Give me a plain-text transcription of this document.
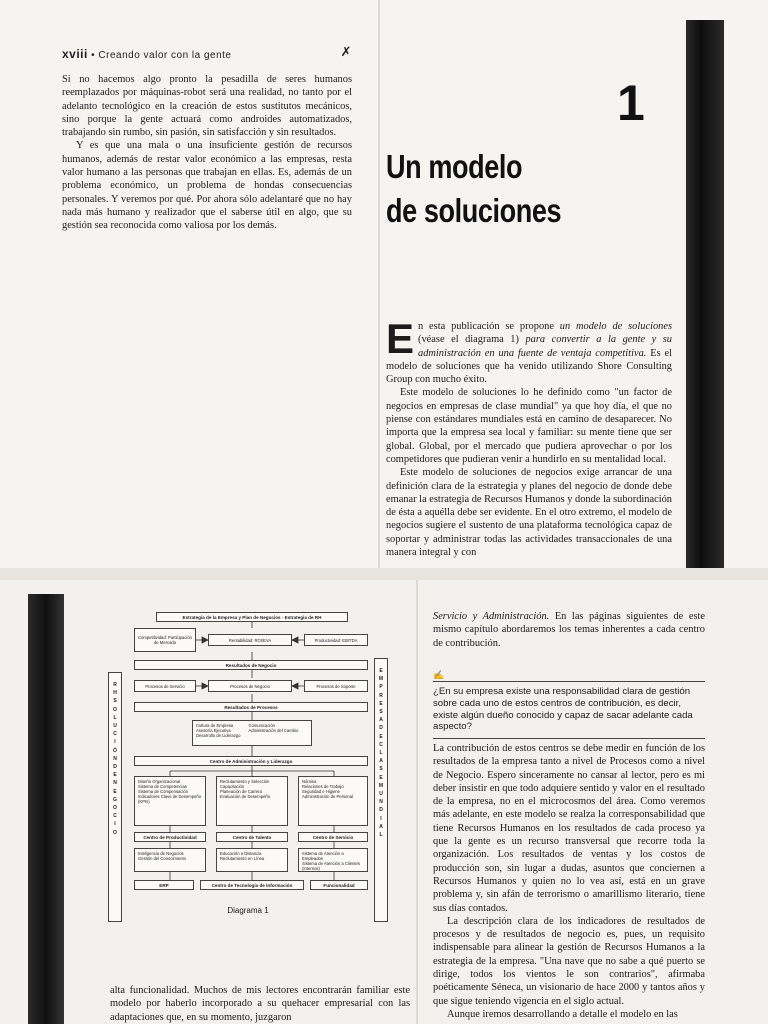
xviii • Creando valor con la gente	✗

Si no hacemos algo pronto la pesadilla de seres humanos reemplazados por máquinas-robot será una realidad, no tanto por el adelanto tecnológico en la creación de estos sustitutos mecánicos, sino porque la gente actuará como androides automatizados, trabajando sin rumbo, sin pasión, sin satisfacción y sin resultados.

Y es que una mala o una insuficiente gestión de recursos humanos, además de restar valor económico a las empresas, resta valor humano a las personas que trabajan en ellas. Es, además de un problema económico, un problema de hondas consecuencias personales. Y veremos por qué. Por ahora sólo adelantaré que no hay nada más humano y realizador que el saberse útil en algo, que su gestión sea reconocida como valiosa por los demás.

1
Un modelo
de soluciones

En esta publicación se propone un modelo de soluciones (véase el diagrama 1) para convertir a la gente y su administración en una fuente de ventaja competitiva. Es el modelo de soluciones que ha venido utilizando Shore Consulting Group con mucho éxito.

Este modelo de soluciones lo he definido como "un factor de negocios en empresas de clase mundial" ya que hoy día, el que no piense con estándares mundiales está en camino de desaparecer. No importa que la empresa sea local y familiar: su mente tiene que ser global. Global, por el mercado que pudiera aprovechar o por los competidores que pudieran venir a hundirlo en su mentalidad local.

Este modelo de soluciones de negocios exige arrancar de una definición clara de la estrategia y planes del negocio de donde debe emanar la estrategia de Recursos Humanos y donde la subordinación de ésta a aquélla debe ser evidente. En el otro extremo, el modelo de negocios sugiere el sustento de una plataforma tecnológica capaz de soportar y administrar todas las actividades transaccionales de una manera integral y con

Estrategia de la Empresa y Plan de Negocios · Estrategia de RH
R
H
S
O
L
U
C
I
Ó
N
D
E
N
E
G
O
C
I
O
E
M
P
R
E
S
A
D
E
C
L
A
S
E
M
U
N
D
I
A
L
Competitividad: Participación de Mercado	Rentabilidad: ROI/EVA	Productividad: EBITDA
Resultados de Negocio
Procesos de Servicio	Procesos de Negocio	Procesos de Soporte
Resultados de Procesos
Cultura de Empresa
Asesoría Ejecutiva
Desarrollo de Liderazgo
Comunicación
Administración del Cambio
Centro de Administración y Liderazgo
Diseño Organizacional
Sistema de Competencias
Sistema de Compensación
Indicadores Clave de Desempeño (KPIs)
Reclutamiento y Selección
Capacitación
Planeación de Carrera
Evaluación de Desempeño
Nómina
Relaciones de Trabajo
Seguridad e Higiene
Administración de Personal
Centro de Productividad	Centro de Talento	Centro de Servicio
Inteligencia de Negocios
Gestión del Conocimiento
Educación a Distancia
Reclutamiento en Línea
Sistema de Atención a Empleados
Sistema de Atención a Clientes (Internos)
ERP	Centro de Tecnología de Información	Funcionalidad
Diagrama 1

alta funcionalidad. Muchos de mis lectores encontrarán familiar este modelo por haberlo incorporado a su quehacer empresarial con las adaptaciones que, en su momento, juzgaron

Servicio y Administración. En las páginas siguientes de este mismo capítulo abordaremos los temas inherentes a cada centro de contribución.

✍
¿En su empresa existe una responsabilidad clara de gestión sobre cada uno de estos centros de contribución, es decir, existe algún dueño conocido y capaz de sacar adelante cada aspecto?

La contribución de estos centros se debe medir en función de los resultados de la empresa tanto a nivel de Procesos como a nivel de Negocio. Espero sinceramente no cansar al lector, pero es mi deber insistir en que todo adquiere sentido y valor en el resultado de la empresa, no en el microcosmos del área. Como veremos más adelante, en este modelo se realza la corresponsabilidad que tiene Recursos Humanos en los resultados de cada proceso ya que la gente es un recurso transversal que recorre toda la organización. Los resultados de ventas y los costos de producción son, sin lugar a dudas, asuntos que conciernen a Recursos Humanos y quien no lo vea así, está en un grave problema y, sin afán de terrorismo o amarillismo literario, tiene sus días contados.

La descripción clara de los indicadores de resultados de procesos y de resultados de negocio es, pues, un requisito indispensable para alinear la gestión de Recursos Humanos a la estrategia de la empresa. "Una nave que no sabe a qué puerto se dirige, todos los vientos le son contrarios", afirmaba poéticamente Séneca, un visionario de hace 2000 y tantos años y que sigue teniendo vigencia en el siglo actual.

Aunque iremos desarrollando a detalle el modelo en las
